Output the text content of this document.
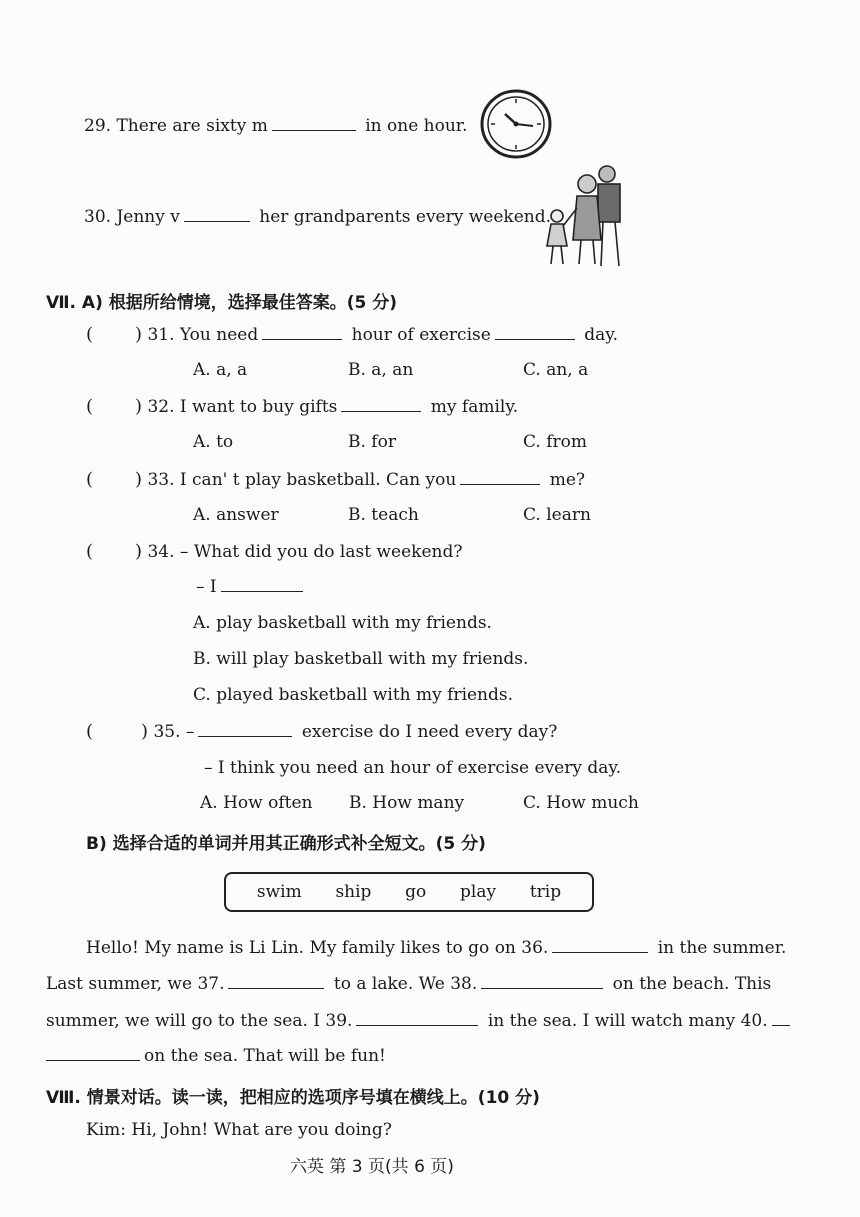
29. There are sixty m	in one hour.
30. Jenny v	her grandparents every weekend.
Ⅶ. A) 根据所给情境，选择最佳答案。(5 分)
( ) 31. You need	hour of exercise	day.
A. a, a	B. a, an	C. an, a
( ) 32. I want to buy gifts	my family.
A. to	B. for	C. from
( ) 33. I can' t play basketball. Can you	me?
A. answer	B. teach	C. learn
( ) 34. – What did you do last weekend?
– I
A. play basketball with my friends.
B. will play basketball with my friends.
C. played basketball with my friends.
(	) 35. –	exercise do I need every day?
– I think you need an hour of exercise every day.
A. How often B. How many	C. How much
B) 选择合适的单词并用其正确形式补全短文。(5 分)
swim ship go play trip
Hello! My name is Li Lin. My family likes to go on 36.	in the summer.
Last summer, we 37.	to a lake. We 38.	on the beach. This
summer, we will go to the sea. I 39.	in the sea. I will watch many 40.
on the sea. That will be fun!
Ⅷ. 情景对话。读一读，把相应的选项序号填在横线上。(10 分)
Kim: Hi, John! What are you doing?
六英 第 3 页(共 6 页)
